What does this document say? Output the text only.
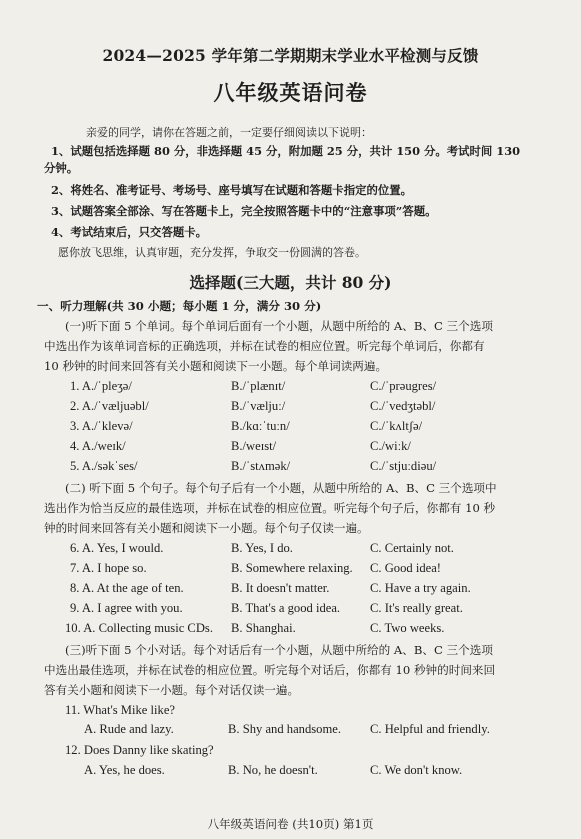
2024—2025 学年第二学期期末学业水平检测与反馈
八年级英语问卷
亲爱的同学，请你在答题之前，一定要仔细阅读以下说明：
1、试题包括选择题 80 分，非选择题 45 分，附加题 25 分，共计 150 分。考试时间 130
分钟。
2、将姓名、准考证号、考场号、座号填写在试题和答题卡指定的位置。
3、试题答案全部涂、写在答题卡上，完全按照答题卡中的“注意事项”答题。
4、考试结束后，只交答题卡。
愿你放飞思维，认真审题，充分发挥，争取交一份圆满的答卷。
选择题(三大题，共计 80 分)
一、听力理解(共 30 小题；每小题 1 分，满分 30 分)
(一)听下面 5 个单词。每个单词后面有一个小题，从题中所给的 A、B、C 三个选项
中选出作为该单词音标的正确选项，并标在试卷的相应位置。听完每个单词后，你都有
10 秒钟的时间来回答有关小题和阅读下一小题。每个单词读两遍。
1. A./ˈpleʒə/	B./ˈplænɪt/	C./ˈprəugres/
2. A./ˈvæljuəbl/	B./ˈvæljuː/	C./ˈvedʒtəbl/
3. A./ˈklevə/	B./kɑːˈtuːn/	C./ˈkʌltʃə/
4. A./weɪk/	B./weɪst/	C./wiːk/
5. A./səkˈses/	B./ˈstʌmək/	C./ˈstjuːdiəu/
(二) 听下面 5 个句子。每个句子后有一个小题，从题中所给的 A、B、C 三个选项中
选出作为恰当反应的最佳选项，并标在试卷的相应位置。听完每个句子后，你都有 10 秒
钟的时间来回答有关小题和阅读下一小题。每个句子仅读一遍。
6. A. Yes, I would.	B. Yes, I do.	C. Certainly not.
7. A. I hope so.	B. Somewhere relaxing. C. Good idea!
8. A. At the age of ten.	B. It doesn't matter.	C. Have a try again.
9. A. I agree with you.	B. That's a good idea. C. It's really great.
10. A. Collecting music CDs. B. Shanghai.	C. Two weeks.
(三)听下面 5 个小对话。每个对话后有一个小题，从题中所给的 A、B、C 三个选项
中选出最佳选项，并标在试卷的相应位置。听完每个对话后，你都有 10 秒钟的时间来回
答有关小题和阅读下一小题。每个对话仅读一遍。
11. What's Mike like?
A. Rude and lazy.	B. Shy and handsome. C. Helpful and friendly.
12. Does Danny like skating?
A. Yes, he does.	B. No, he doesn't.	C. We don't know.
八年级英语问卷 (共10页) 第1页
